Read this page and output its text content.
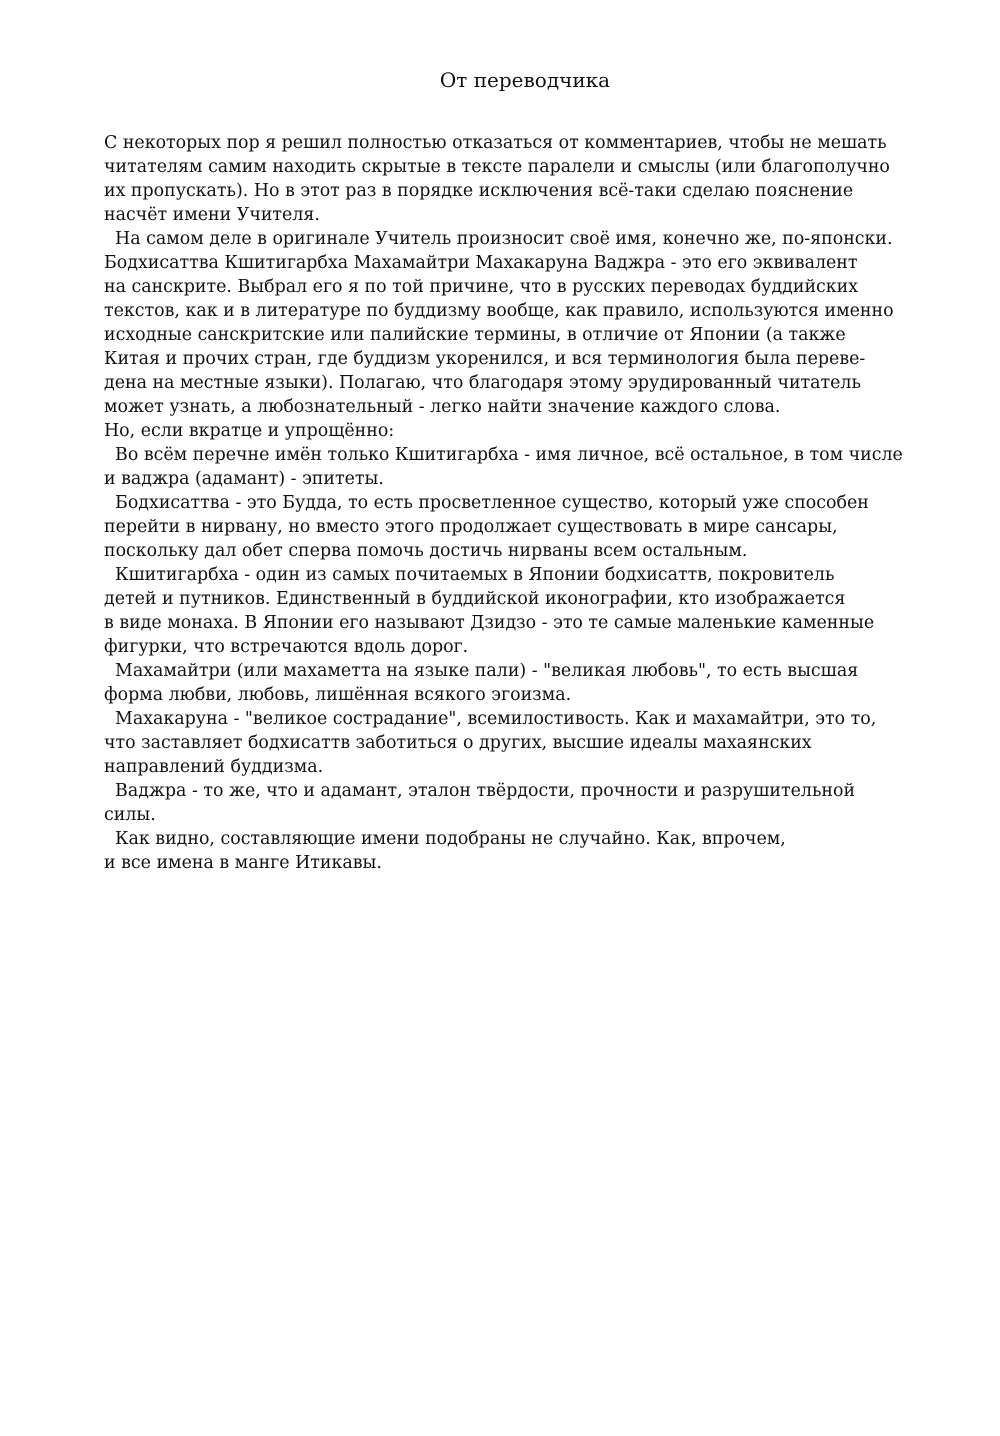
От переводчика
С некоторых пор я решил полностью отказаться от комментариев, чтобы не мешать
читателям самим находить скрытые в тексте паралели и смыслы (или благополучно
их пропускать). Но в этот раз в порядке исключения всё-таки сделаю пояснение
насчёт имени Учителя.
На самом деле в оригинале Учитель произносит своё имя, конечно же, по-японски.
Бодхисаттва Кшитигарбха Махамайтри Махакаруна Ваджра - это его эквивалент
на санскрите. Выбрал его я по той причине, что в русских переводах буддийских
текстов, как и в литературе по буддизму вообще, как правило, используются именно
исходные санскритские или палийские термины, в отличие от Японии (а также
Китая и прочих стран, где буддизм укоренился, и вся терминология была переве-
дена на местные языки). Полагаю, что благодаря этому эрудированный читатель
может узнать, а любознательный - легко найти значение каждого слова.
Но, если вкратце и упрощённо:
Во всём перечне имён только Кшитигарбха - имя личное, всё остальное, в том числе
и ваджра (адамант) - эпитеты.
Бодхисаттва - это Будда, то есть просветленное существо, который уже способен
перейти в нирвану, но вместо этого продолжает существовать в мире сансары,
поскольку дал обет сперва помочь достичь нирваны всем остальным.
Кшитигарбха - один из самых почитаемых в Японии бодхисаттв, покровитель
детей и путников. Единственный в буддийской иконографии, кто изображается
в виде монаха. В Японии его называют Дзидзо - это те самые маленькие каменные
фигурки, что встречаются вдоль дорог.
Махамайтри (или махаметта на языке пали) - "великая любовь", то есть высшая
форма любви, любовь, лишённая всякого эгоизма.
Махакаруна - "великое сострадание", всемилостивость. Как и махамайтри, это то,
что заставляет бодхисаттв заботиться о других, высшие идеалы махаянских
направлений буддизма.
Ваджра - то же, что и адамант, эталон твёрдости, прочности и разрушительной
силы.
Как видно, составляющие имени подобраны не случайно. Как, впрочем,
и все имена в манге Итикавы.
